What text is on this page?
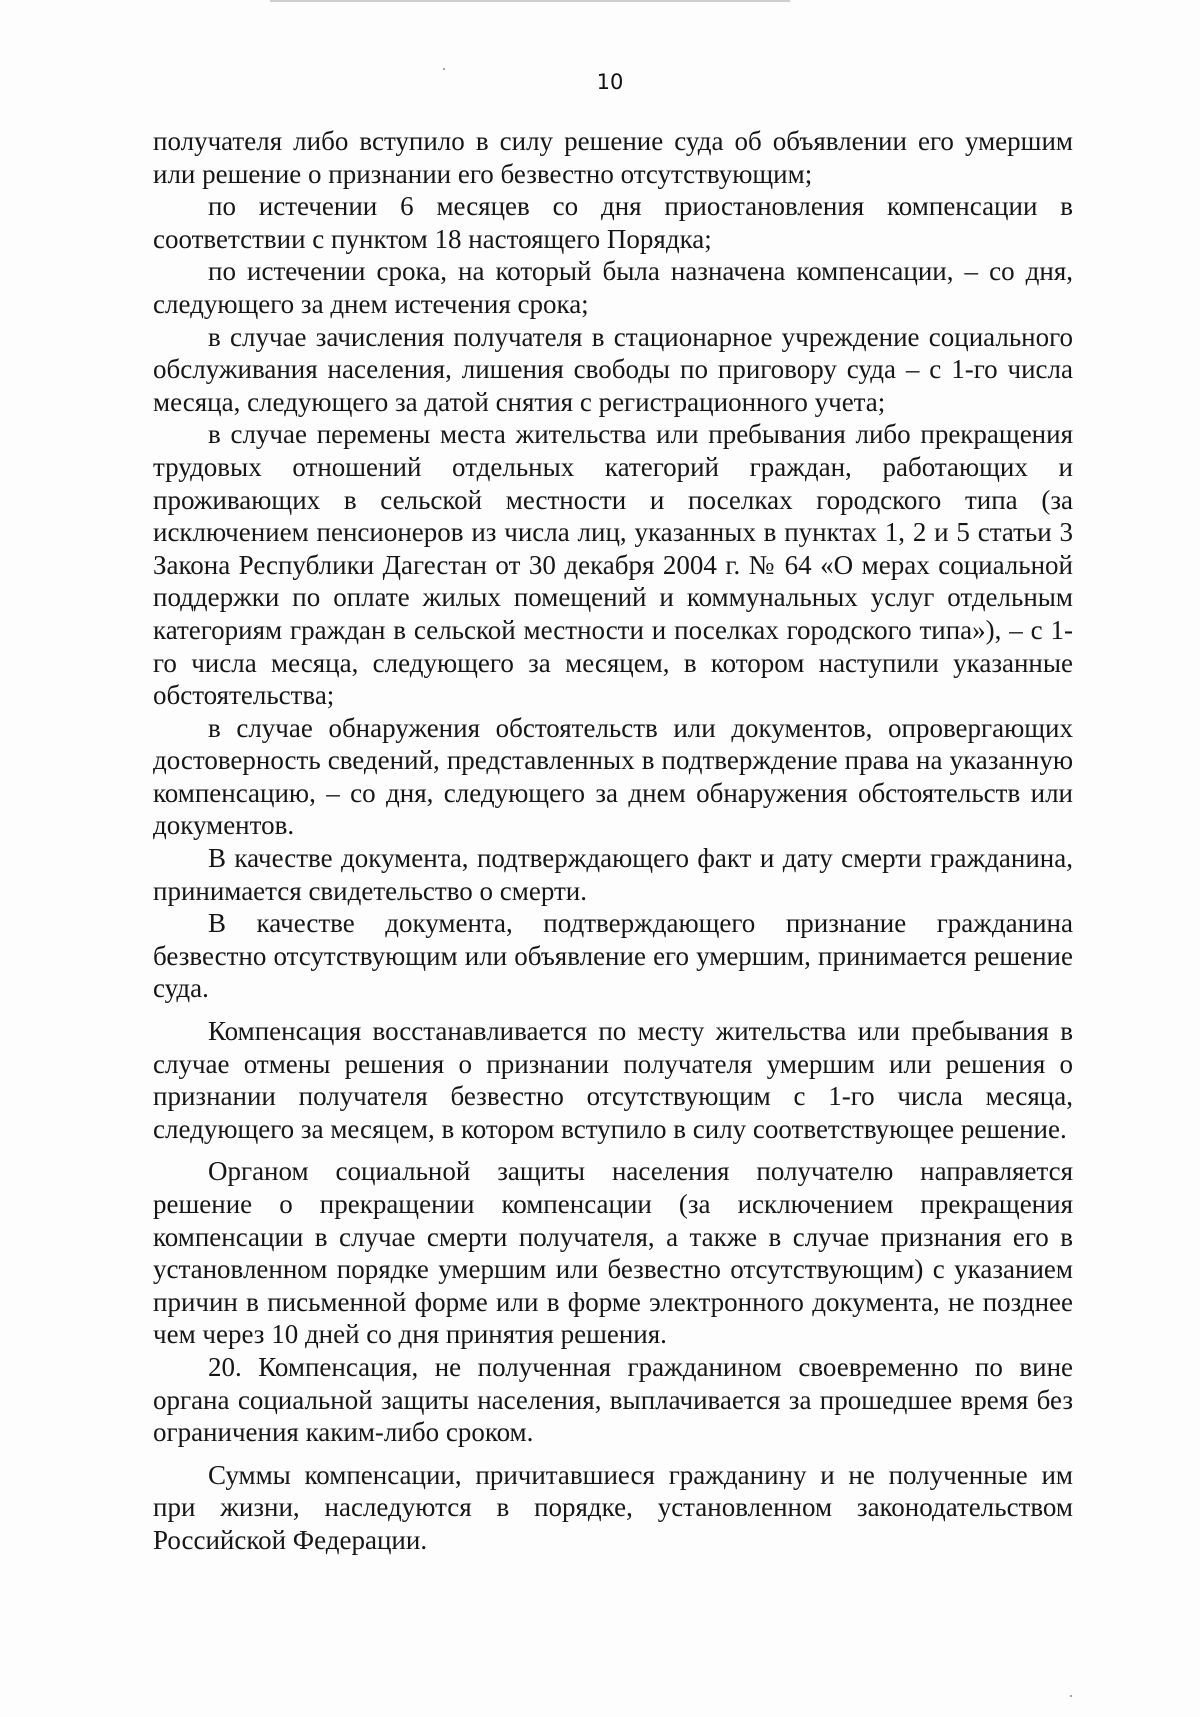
10

получателя либо вступило в силу решение суда об объявлении его умершим или решение о признании его безвестно отсутствующим;

по истечении 6 месяцев со дня приостановления компенсации в соответствии с пунктом 18 настоящего Порядка;

по истечении срока, на который была назначена компенсации, – со дня, следующего за днем истечения срока;

в случае зачисления получателя в стационарное учреждение социального обслуживания населения, лишения свободы по приговору суда – с 1-го числа месяца, следующего за датой снятия с регистрационного учета;

в случае перемены места жительства или пребывания либо прекращения трудовых отношений отдельных категорий граждан, работающих и проживающих в сельской местности и поселках городского типа (за исключением пенсионеров из числа лиц, указанных в пунктах 1, 2 и 5 статьи 3 Закона Республики Дагестан от 30 декабря 2004 г. № 64 «О мерах социальной поддержки по оплате жилых помещений и коммунальных услуг отдельным категориям граждан в сельской местности и поселках городского типа»), – с 1-го числа месяца, следующего за месяцем, в котором наступили указанные обстоятельства;

в случае обнаружения обстоятельств или документов, опровергающих достоверность сведений, представленных в подтверждение права на указанную компенсацию, – со дня, следующего за днем обнаружения обстоятельств или документов.

В качестве документа, подтверждающего факт и дату смерти гражданина, принимается свидетельство о смерти.

В качестве документа, подтверждающего признание гражданина безвестно отсутствующим или объявление его умершим, принимается решение суда.

Компенсация восстанавливается по месту жительства или пребывания в случае отмены решения о признании получателя умершим или решения о признании получателя безвестно отсутствующим с 1-го числа месяца, следующего за месяцем, в котором вступило в силу соответствующее решение.

Органом социальной защиты населения получателю направляется решение о прекращении компенсации (за исключением прекращения компенсации в случае смерти получателя, а также в случае признания его в установленном порядке умершим или безвестно отсутствующим) с указанием причин в письменной форме или в форме электронного документа, не позднее чем через 10 дней со дня принятия решения.

20. Компенсация, не полученная гражданином своевременно по вине органа социальной защиты населения, выплачивается за прошедшее время без ограничения каким-либо сроком.

Суммы компенсации, причитавшиеся гражданину и не полученные им при жизни, наследуются в порядке, установленном законодательством Российской Федерации.
